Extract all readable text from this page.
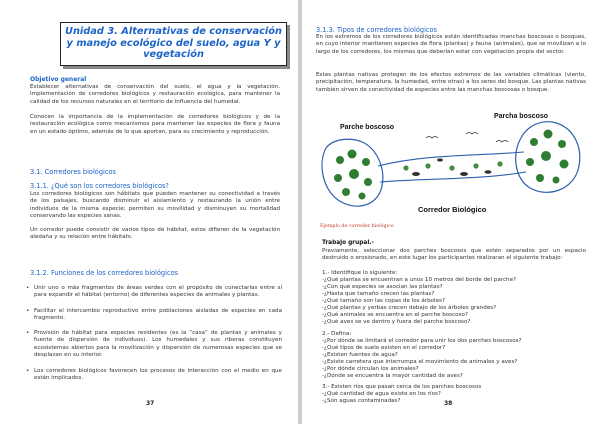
Unidad 3. Alternativas de conservación y manejo ecológico del suelo, agua Y y vegetación

Objetivo general

Establecer alternativas de conservación del suelo, el agua y la vegetación. Implementación de corredores biológicos y restauración ecológica, para mantener la calidad de los recursos naturales en el territorio de influencia del humedal.

Conocen la importancia de la implementación de corredores biológicos y de la restauración ecológica como mecanismos para mantener las especies de flora y fauna en un estado óptimo, además de lo que aportan, para su crecimiento y reproducción.

3.1. Corredores biológicos

3.1.1. ¿Qué son los corredores biológicos?

Los corredores biológicos son hábitats que pueden mantener su conectividad a través de los paisajes, buscando disminuir el aislamiento y restaurando la unión entre individuos de la misma especie; permiten su movilidad y disminuyen su mortalidad conservando las especies sanas.

Un corredor puede consistir de varios tipos de hábitat, estos difieren de la vegetación aledaña y su relación entre hábitats.

3.1.2. Funciones de los corredores biológicos

• Unir uno o más fragmentos de áreas verdes con el propósito de conectarlas entre sí para expandir el hábitat (entorno) de diferentes especies de animales y plantas.

• Facilitar el intercambio reproductivo entre poblaciones aisladas de especies en cada fragmento.

• Provisión de hábitat para especies residentes (es la “casa” de plantas y animales y fuente de dispersión de individuos). Los humedales y sus riberas constituyen ecosistemas abiertos para la movilización y dispersión de numerosas especies que se desplazan en su interior.

• Los corredores biológicos favorecen los procesos de interacción con el medio en que están implicados.

37

3.1.3. Tipos de corredores biológicos

En los extremos de los corredores biológicos están identificadas manchas boscosas o bosques, en cuyo interior mantienen especies de flora (plantas) y fauna (animales), que se movilizan a lo largo de los corredores, los mismos que deberían estar con vegetación propia del sector.

Estas plantas nativas protegen de los efectos extremos de las variables climáticas (viento, precipitación, temperatura, la humedad, entre otras) a los seres del bosque. Las plantas nativas también sirven de conectividad de especies entre las manchas boscosas o bosque.

Parche boscoso
Parcha boscoso
Corredor Biológico
Ejemplo de corredor biológico

Trabajo grupal.-

Previamente, seleccionar dos parches boscosos que estén separados por un espacio destruido o erosionado, en este lugar los participantes realizaran el siguiente trabajo:

1.- Identifique lo siguiente:

-¿Qué plantas se encuentran a unos 10 metros del borde del parche?

-¿Con qué especies se asocian las plantas?

-¿Hasta que tamaño crecen las plantas?

-¿Qué tamaño son las copas de los árboles?

-¿Qué plantas y yerbas crecen debajo de los árboles grandes?

-¿Qué animales se encuentra en el parche boscoso?

-¿Qué aves se ve dentro y fuera del parche boscoso?

2.- Defina:

-¿Por dónde se limitará el corredor para unir los dos parches boscosos?

-¿Qué tipos de suelo existen en el corredor?

-¿Existen fuentes de agua?

-¿Existe carretera que interrumpa el movimiento de animales y aves?

-¿Por dónde circulan los animales?

-¿Dónde se encuentra la mayor cantidad de aves?

3.- Existen ríos que pasan cerca de los parches boscosos

-¿Qué cantidad de agua existe en los ríos?

-¿Son aguas contaminadas?	38
